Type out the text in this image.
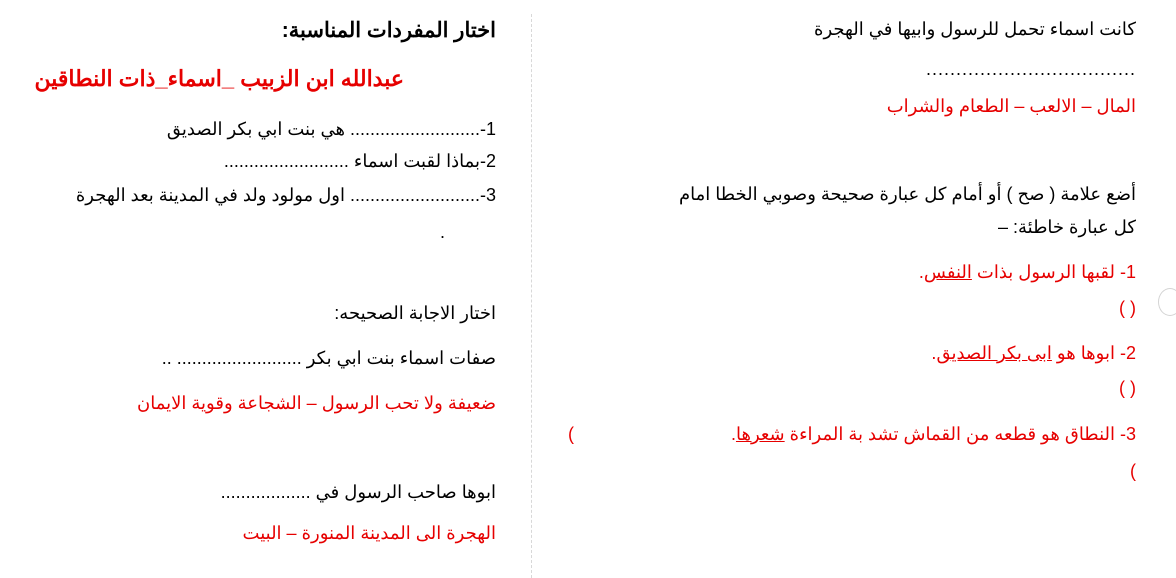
كانت اسماء تحمل للرسول وابيها في الهجرة
...................................
المال – الالعب – الطعام والشراب
أضع علامة ( صح ) أو أمام كل عبارة صحيحة وصوبي الخطا امام
كل عبارة خاطئة: –
1- لقبها الرسول بذات النفس.
( )
2- ابوها هو ابى بكر الصديق.
( )
3- النطاق هو قطعه من القماش تشد بة المراءة شعرها.
(
)
اختار المفردات المناسبة:
عبدالله ابن الزبيب _اسماء_ذات النطاقين
1-.......................... هي بنت ابي بكر الصديق
2-بماذا لقبت اسماء .........................
3-.......................... اول مولود ولد في المدينة بعد الهجرة
.
اختار الاجابة الصحيحه:
صفات اسماء بنت ابي بكر ......................... ..
ضعيفة ولا تحب الرسول – الشجاعة وقوية الايمان
ابوها صاحب الرسول في ..................
الهجرة الى المدينة المنورة – البيت
